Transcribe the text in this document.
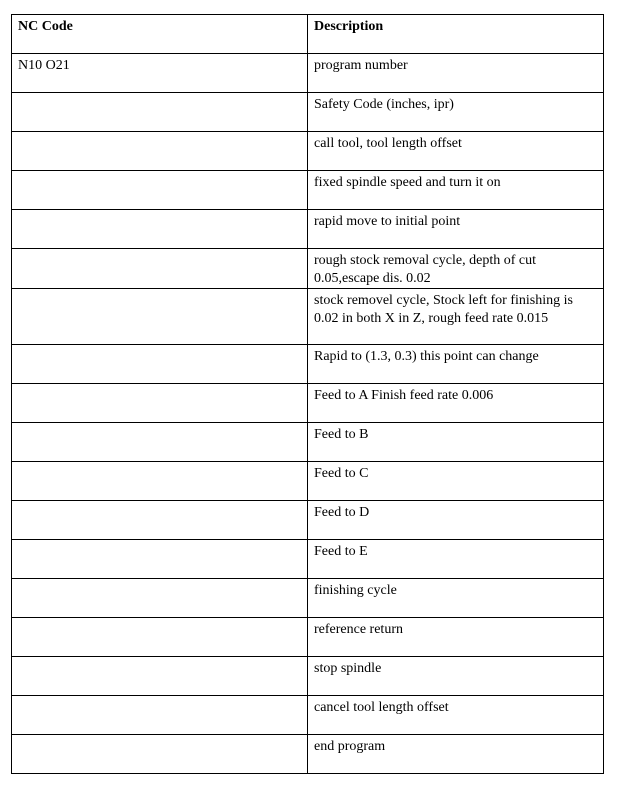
NC Code	Description
N10 O21	program number
	Safety Code (inches, ipr)
	call tool, tool length offset
	fixed spindle speed and turn it on
	rapid move to initial point
	rough stock removal cycle, depth of cut 0.05,escape dis. 0.02
	stock removel cycle, Stock left for finishing is 0.02 in both X in Z, rough feed rate 0.015
	Rapid to (1.3, 0.3) this point can change
	Feed to A Finish feed rate 0.006
	Feed to B
	Feed to C
	Feed to D
	Feed to E
	finishing cycle
	reference return
	stop spindle
	cancel tool length offset
	end program
